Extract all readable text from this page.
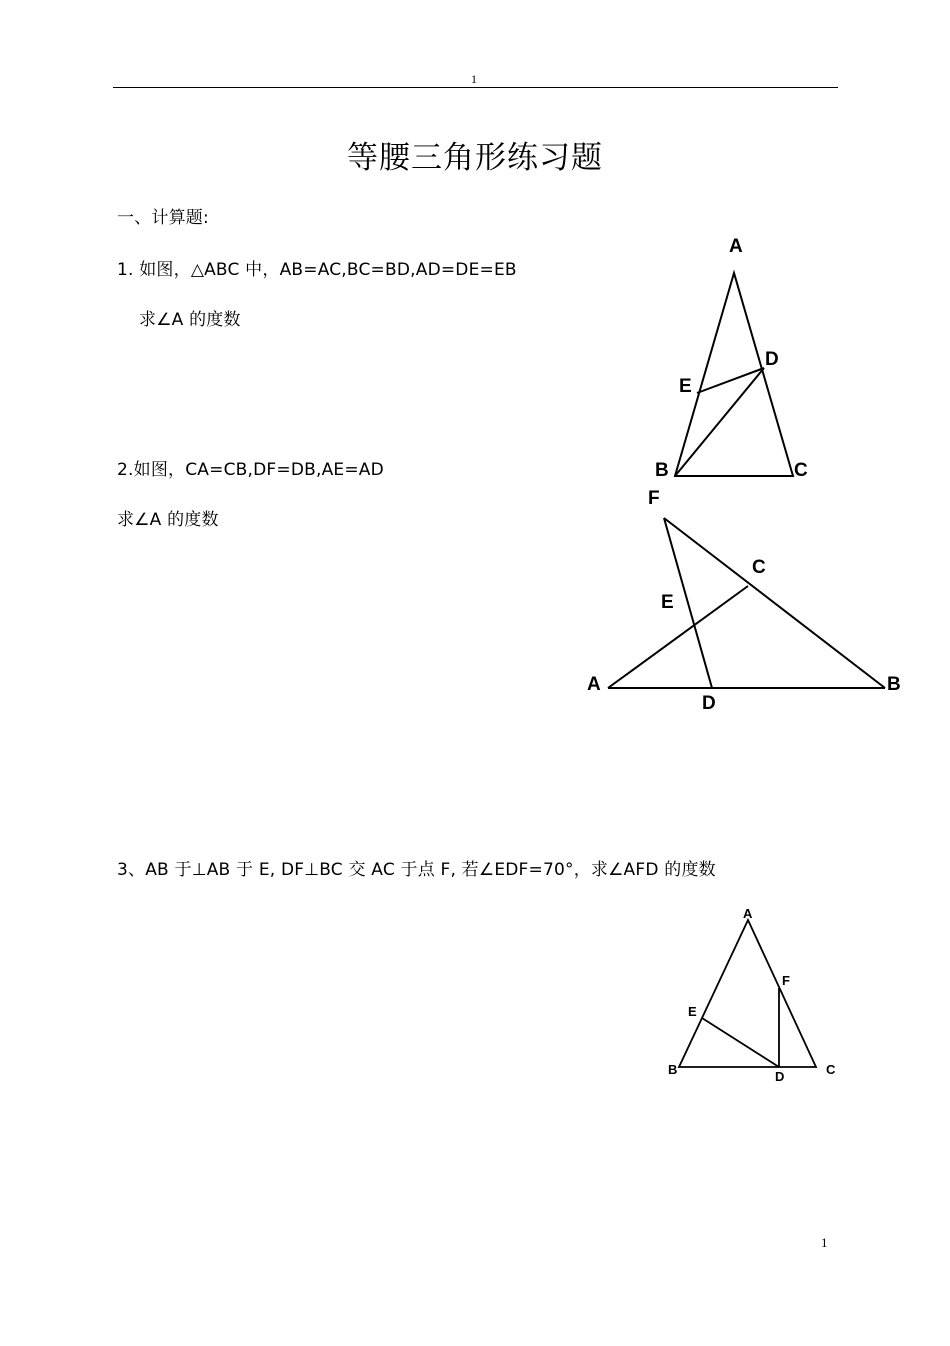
1
等腰三角形练习题
一、计算题:
1. 如图，△ABC 中，AB=AC,BC=BD,AD=DE=EB
求∠A 的度数
2.如图，CA=CB,DF=DB,AE=AD
求∠A 的度数
3、AB 于⊥AB 于 E, DF⊥BC 交 AC 于点 F, 若∠EDF=70°，求∠AFD 的度数
A
B	C
D
E
F
C
E
A	B
D
A
B	C
D
E
F
1
